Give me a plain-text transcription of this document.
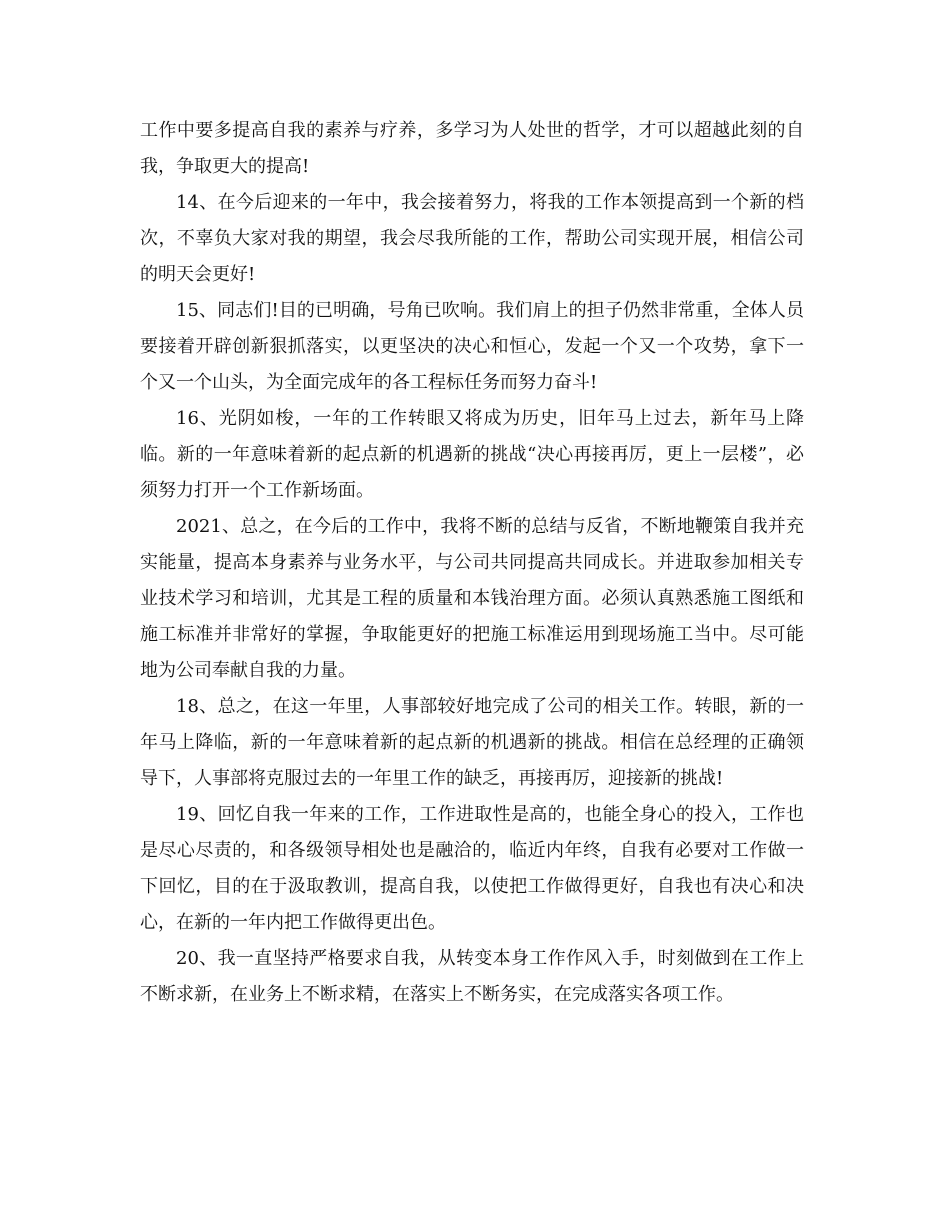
工作中要多提高自我的素养与疗养，多学习为人处世的哲学，才可以超越此刻的自我，争取更大的提高!

14、在今后迎来的一年中，我会接着努力，将我的工作本领提高到一个新的档次，不辜负大家对我的期望，我会尽我所能的工作，帮助公司实现开展，相信公司的明天会更好!

15、同志们!目的已明确，号角已吹响。我们肩上的担子仍然非常重，全体人员要接着开辟创新狠抓落实，以更坚决的决心和恒心，发起一个又一个攻势，拿下一个又一个山头，为全面完成年的各工程标任务而努力奋斗!

16、光阴如梭，一年的工作转眼又将成为历史，旧年马上过去，新年马上降临。新的一年意味着新的起点新的机遇新的挑战“决心再接再厉，更上一层楼”，必须努力打开一个工作新场面。

2021、总之，在今后的工作中，我将不断的总结与反省，不断地鞭策自我并充实能量，提高本身素养与业务水平，与公司共同提高共同成长。并进取参加相关专业技术学习和培训，尤其是工程的质量和本钱治理方面。必须认真熟悉施工图纸和施工标准并非常好的掌握，争取能更好的把施工标准运用到现场施工当中。尽可能地为公司奉献自我的力量。

18、总之，在这一年里，人事部较好地完成了公司的相关工作。转眼，新的一年马上降临，新的一年意味着新的起点新的机遇新的挑战。相信在总经理的正确领导下，人事部将克服过去的一年里工作的缺乏，再接再厉，迎接新的挑战!

19、回忆自我一年来的工作，工作进取性是高的，也能全身心的投入，工作也是尽心尽责的，和各级领导相处也是融洽的，临近内年终，自我有必要对工作做一下回忆，目的在于汲取教训，提高自我，以使把工作做得更好，自我也有决心和决心，在新的一年内把工作做得更出色。

20、我一直坚持严格要求自我，从转变本身工作作风入手，时刻做到在工作上不断求新，在业务上不断求精，在落实上不断务实，在完成落实各项工作。
